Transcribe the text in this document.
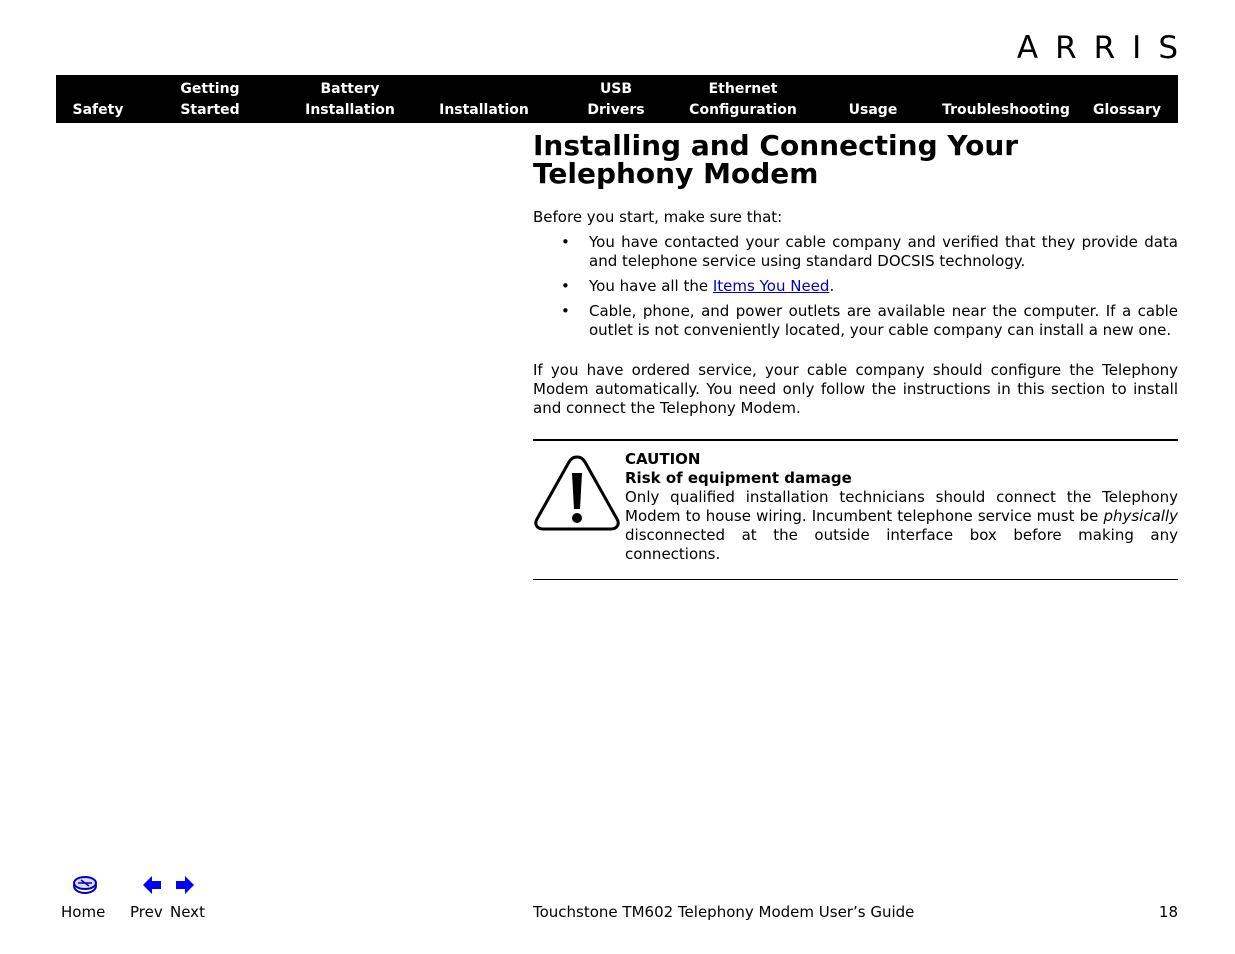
ARRIS
Safety
Getting
Started
Battery
Installation	Installation
USB
Drivers
Ethernet
Configuration	Usage	Troubleshooting Glossary
Installing and Connecting Your Telephony Modem

Before you start, make sure that:

• You have contacted your cable company and verified that they provide data and telephone service using standard DOCSIS technology.
• You have all the Items You Need.
• Cable, phone, and power outlets are available near the computer. If a cable outlet is not conveniently located, your cable company can install a new one.

If you have ordered service, your cable company should configure the Telephony Modem automatically. You need only follow the instructions in this section to install and connect the Telephony Modem.

CAUTION
Risk of equipment damage
Only qualified installation technicians should connect the Telephony Modem to house wiring. Incumbent telephone service must be physically disconnected at the outside interface box before making any connections.
Home Prev Next	Touchstone TM602 Telephony Modem User’s Guide	18
